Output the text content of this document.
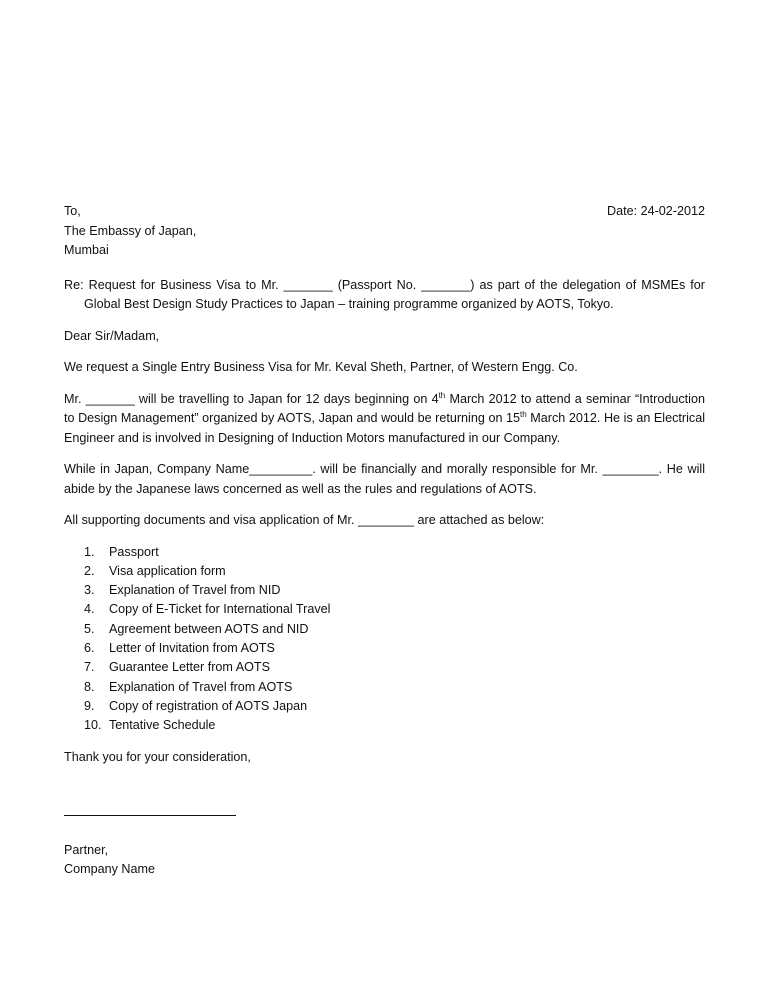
To,	Date: 24-02-2012
The Embassy of Japan,
Mumbai
Re: Request for Business Visa to Mr. _______ (Passport No. _______) as part of the delegation of MSMEs for Global Best Design Study Practices to Japan – training programme organized by AOTS, Tokyo.
Dear Sir/Madam,
We request a Single Entry Business Visa for Mr. Keval Sheth, Partner, of Western Engg. Co.
Mr. _______ will be travelling to Japan for 12 days beginning on 4th March 2012 to attend a seminar “Introduction to Design Management” organized by AOTS, Japan and would be returning on 15th March 2012. He is an Electrical Engineer and is involved in Designing of Induction Motors manufactured in our Company.
While in Japan, Company Name_________. will be financially and morally responsible for Mr. ________. He will abide by the Japanese laws concerned as well as the rules and regulations of AOTS.
All supporting documents and visa application of Mr. ________ are attached as below:
1.	Passport
2.	Visa application form
3.	Explanation of Travel from NID
4.	Copy of E-Ticket for International Travel
5.	Agreement between AOTS and NID
6.	Letter of Invitation from AOTS
7.	Guarantee Letter from AOTS
8.	Explanation of Travel from AOTS
9.	Copy of registration of AOTS Japan
10. Tentative Schedule
Thank you for your consideration,
Partner,
Company Name
